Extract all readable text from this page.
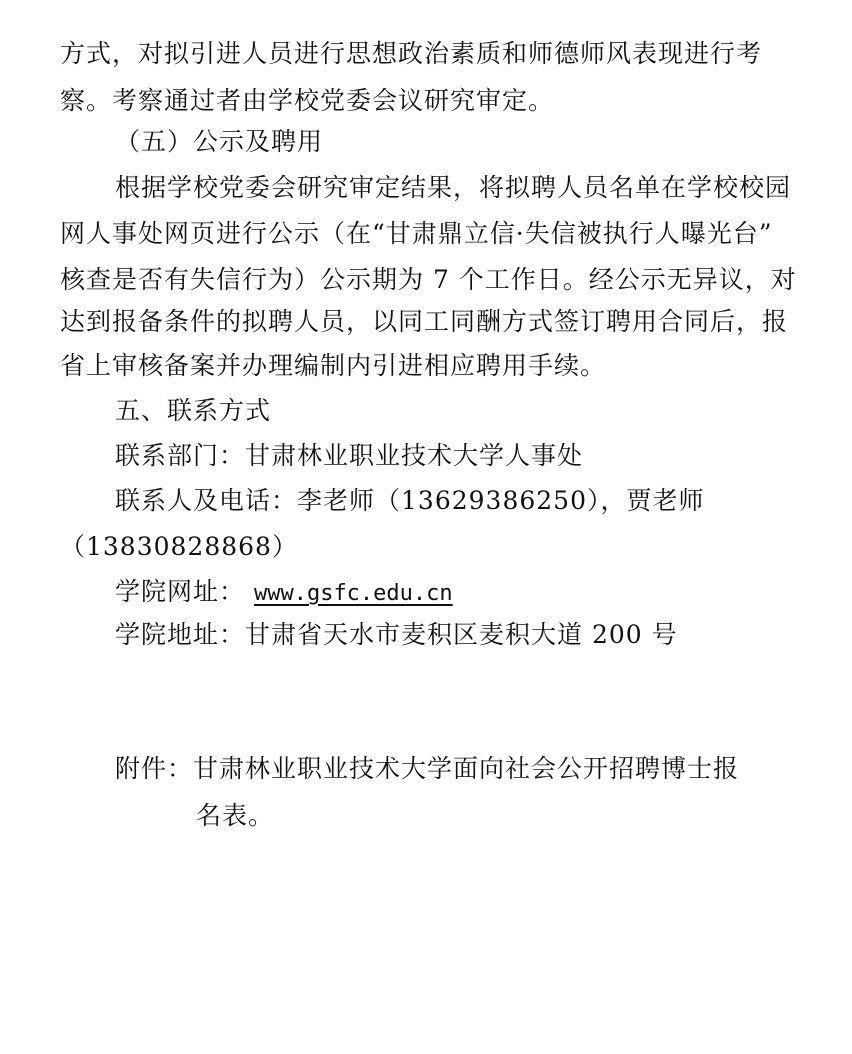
方式，对拟引进人员进行思想政治素质和师德师风表现进行考
察。考察通过者由学校党委会议研究审定。
（五）公示及聘用
根据学校党委会研究审定结果，将拟聘人员名单在学校校园
网人事处网页进行公示（在“甘肃鼎立信·失信被执行人曝光台”
核查是否有失信行为）公示期为 7 个工作日。经公示无异议，对
达到报备条件的拟聘人员，以同工同酬方式签订聘用合同后，报
省上审核备案并办理编制内引进相应聘用手续。
五、联系方式
联系部门：甘肃林业职业技术大学人事处
联系人及电话：李老师（13629386250），贾老师
（13830828868）
学院网址： www.gsfc.edu.cn
学院地址：甘肃省天水市麦积区麦积大道 200 号
附件：甘肃林业职业技术大学面向社会公开招聘博士报
名表。
